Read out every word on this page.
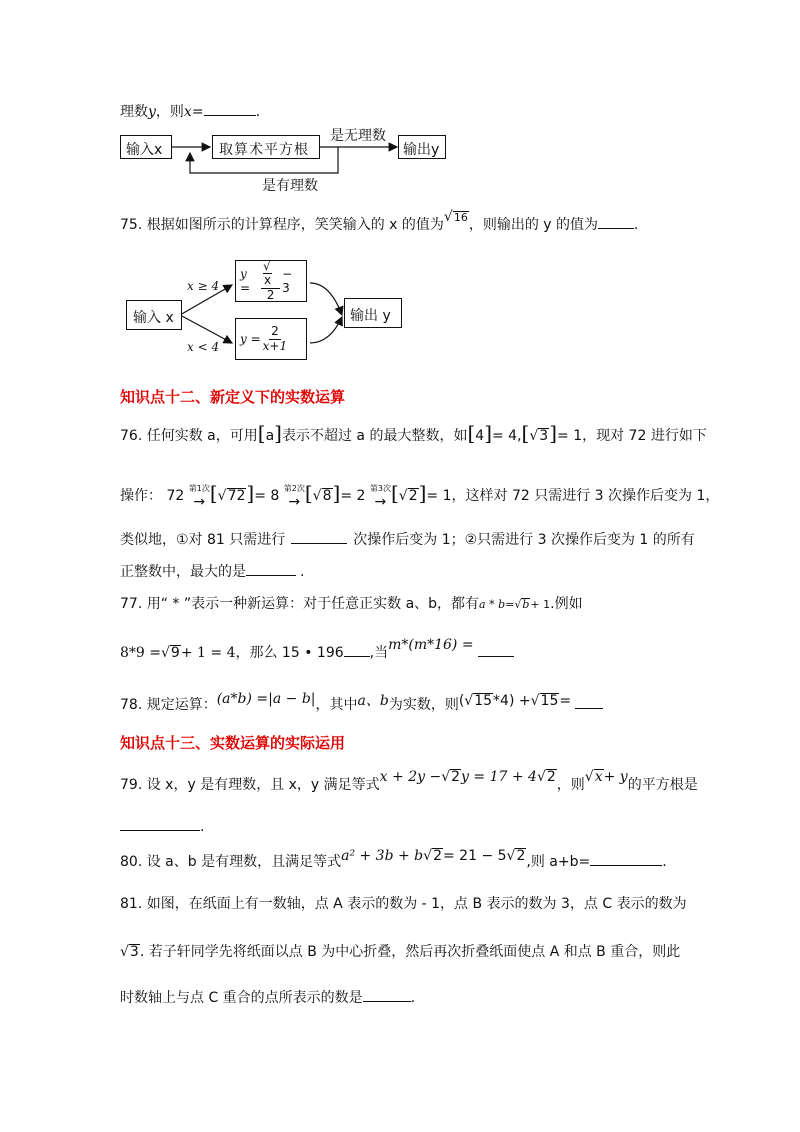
理数y，则x=	.
输入x	取算术平方根
是无理数
输出y
是有理数
75. 根据如图所示的计算程序，笑笑输入的 x 的值为√16，则输出的 y 的值为	.
输入 x
x ≥ 4
x < 4
$y = \frac{√x}{2} - 3$
$y = \frac{2}{x+1}$
输出 y
知识点十二、新定义下的实数运算
76. 任何实数 a，可用[a]表示不超过 a 的最大整数，如[4]= 4,[√3]= 1，现对 72 进行如下
操作： 72 第1次
→ [√72]= 8 第2次
→ [√8]= 2 第3次
→ [√2]= 1，这样对 72 只需进行 3 次操作后变为 1，
类似地，①对 81 只需进行	次操作后变为 1；②只需进行 3 次操作后变为 1 的所有
正整数中，最大的是	.
77. 用“ * ”表示一种新运算：对于任意正实数 a、b，都有a * b=√b+ 1.例如
8*9 =√9+ 1 = 4，那么 15 • 196 ,当m*(m*16) =
78. 规定运算：(a*b) =|a − b|，其中a、b为实数，则(√15*4) +√15=
知识点十三、实数运算的实际运用
79. 设 x，y 是有理数，且 x，y 满足等式x + 2y −√2y = 17 + 4√2，则√x+ y的平方根是
.
80. 设 a、b 是有理数，且满足等式a² + 3b + b√2= 21 − 5√2,则 a+b=	.
81. 如图，在纸面上有一数轴，点 A 表示的数为 - 1，点 B 表示的数为 3，点 C 表示的数为
√3. 若子轩同学先将纸面以点 B 为中心折叠，然后再次折叠纸面使点 A 和点 B 重合，则此
时数轴上与点 C 重合的点所表示的数是	.
